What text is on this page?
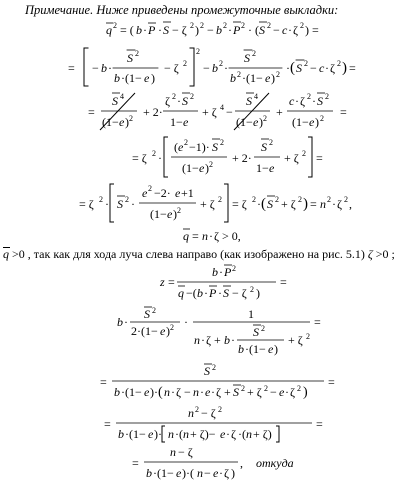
Примечание. Ниже приведены промежуточные выкладки:
q 2 = ( b · P · S − ζ 2 ) 2 − b 2 · P 2 · ( S 2 − c · ζ 2 ) =
= − b ·
S 2
b ·(1− e )
− ζ 2
2
− b 2 ·
S 2
b 2 ·(1− e ) 2 · ( S 2 − c · ζ 2 ) =
=
S 4
(1− e ) 2 + 2·
ζ 2 · S 2
1− e
+ ζ 4 −
S 4
(1− e ) 2 +
c · ζ 2 · S 2
(1− e ) 2 =
= ζ 2 ·
( e 2 −1)· S 2
(1− e ) 2 + 2·
S 2
1− e
+ ζ 2 =
= ζ 2 · S 2 ·
e 2 −2· e +1
(1− e ) 2 + ζ 2 = ζ 2 · ( S 2 + ζ 2 ) = n 2 · ζ 2 ,
q = n · ζ > 0,
q >0 , так как для хода луча слева направо (как изображено на рис. 5.1) ζ >0 ;
z =
b · P 2
q −( b · P · S − ζ 2 )
=
b ·
S 2
2·(1− e ) 2 ·
1
n · ζ + b ·
S 2
b ·(1− e )
+ ζ 2
=
=
S 2
b ·(1− e )· ( n · ζ − n · e · ζ + S 2 + ζ 2 − e · ζ 2 )
=
=
n 2 − ζ 2
b ·(1− e )· n ·( n + ζ)− e · ζ ·( n + ζ)
=
=
n − ζ
b ·(1− e )·( n − e · ζ )
, откуда
